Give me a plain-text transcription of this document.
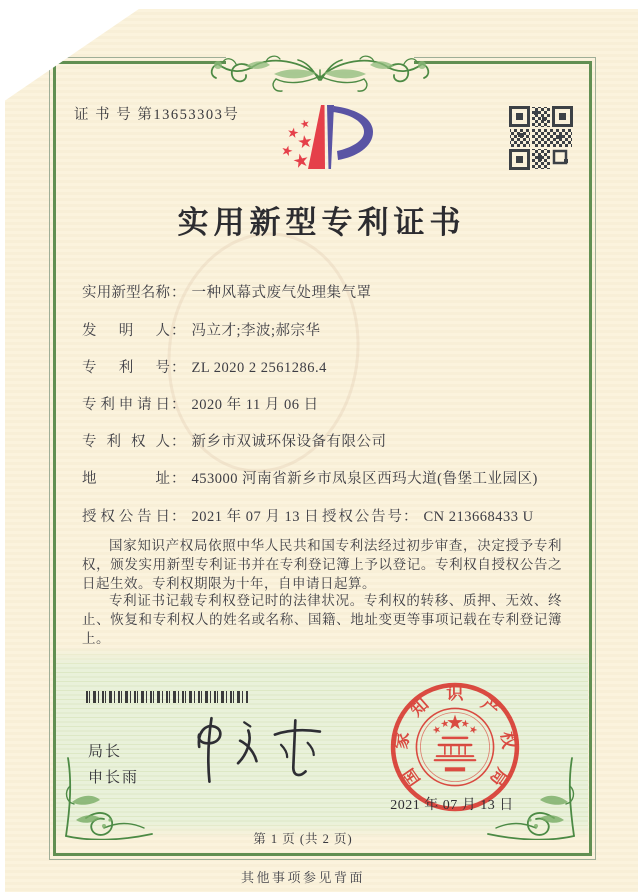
证 书 号 第13653303号
实用新型专利证书
实用新型名称： 一种风幕式废气处理集气罩
发明人： 冯立才;李波;郝宗华
专利号： ZL 2020 2 2561286.4
专利申请日： 2020 年 11 月 06 日
专利权人： 新乡市双诚环保设备有限公司
地址： 453000 河南省新乡市凤泉区西玛大道(鲁堡工业园区)
授权公告日： 2021 年 07 月 13 日 授权公告号： CN 213668433 U
国家知识产权局依照中华人民共和国专利法经过初步审查，决定授予专利权，颁发实用新型专利证书并在专利登记簿上予以登记。专利权自授权公告之日起生效。专利权期限为十年，自申请日起算。
专利证书记载专利权登记时的法律状况。专利权的转移、质押、无效、终止、恢复和专利权人的姓名或名称、国籍、地址变更等事项记载在专利登记簿上。
局长
申长雨	国家知识产权局
2021 年 07 月 13 日
第 1 页 (共 2 页)
其他事项参见背面
